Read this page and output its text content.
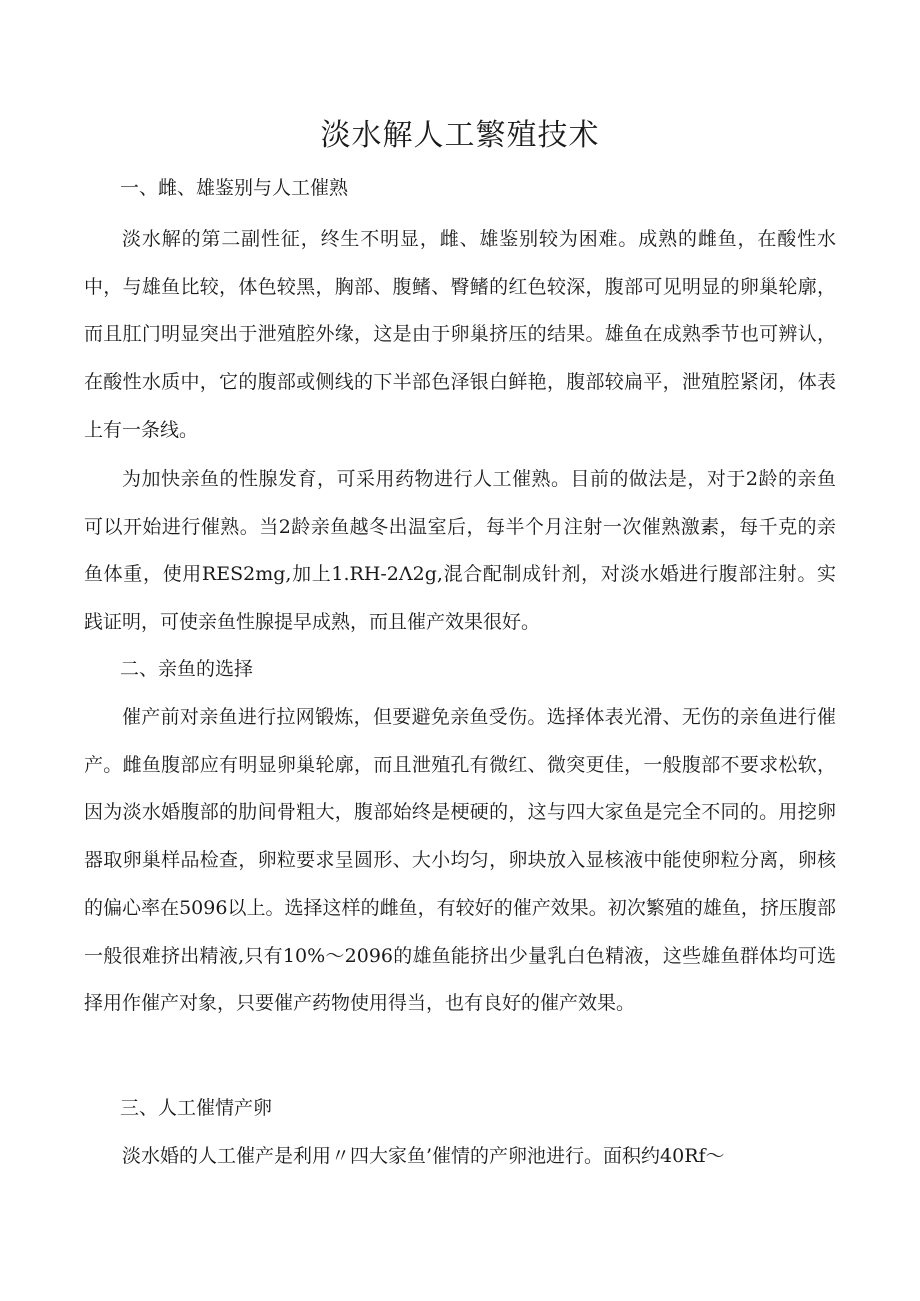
淡水解人工繁殖技术
一、雌、雄鉴别与人工催熟

淡水解的第二副性征，终生不明显，雌、雄鉴别较为困难。成熟的雌鱼，在酸性水中，与雄鱼比较，体色较黑，胸部、腹鳍、臀鳍的红色较深，腹部可见明显的卵巢轮廓，而且肛门明显突出于泄殖腔外缘，这是由于卵巢挤压的结果。雄鱼在成熟季节也可辨认，在酸性水质中，它的腹部或侧线的下半部色泽银白鲜艳，腹部较扁平，泄殖腔紧闭，体表上有一条线。

为加快亲鱼的性腺发育，可采用药物进行人工催熟。目前的做法是，对于2龄的亲鱼可以开始进行催熟。当2龄亲鱼越冬出温室后，每半个月注射一次催熟激素，每千克的亲鱼体重，使用RES2mg,加上1.RH-2Λ2g,混合配制成针剂，对淡水婚进行腹部注射。实践证明，可使亲鱼性腺提早成熟，而且催产效果很好。

二、亲鱼的选择

催产前对亲鱼进行拉网锻炼，但要避免亲鱼受伤。选择体表光滑、无伤的亲鱼进行催产。雌鱼腹部应有明显卵巢轮廓，而且泄殖孔有微红、微突更佳，一般腹部不要求松软，因为淡水婚腹部的肋间骨粗大，腹部始终是梗硬的，这与四大家鱼是完全不同的。用挖卵器取卵巢样品检查，卵粒要求呈圆形、大小均匀，卵块放入显核液中能使卵粒分离，卵核的偏心率在5096以上。选择这样的雌鱼，有较好的催产效果。初次繁殖的雄鱼，挤压腹部一般很难挤出精液,只有10%～2096的雄鱼能挤出少量乳白色精液，这些雄鱼群体均可选择用作催产对象，只要催产药物使用得当，也有良好的催产效果。

三、人工催情产卵

淡水婚的人工催产是利用〃四大家鱼’催情的产卵池进行。面积约40Rf～
